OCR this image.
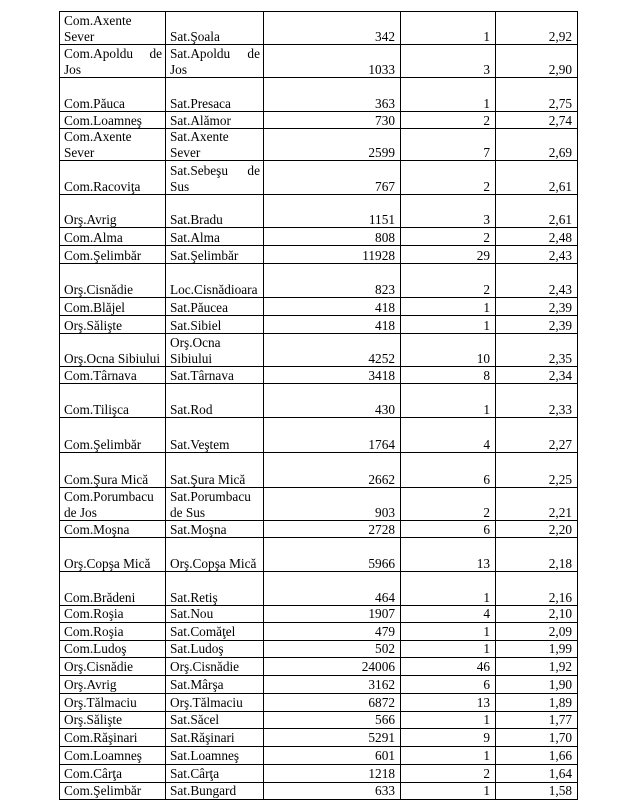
Com.Axente Sever	Sat.Şoala	342	1	2,92
Com.Apoldu de Jos	Sat.Apoldu de Jos	1033	3	2,90
Com.Păuca	Sat.Presaca	363	1	2,75
Com.Loamneş	Sat.Alămor	730	2	2,74
Com.Axente Sever	Sat.Axente Sever	2599	7	2,69
Com.Racoviţa	Sat.Sebeşu de Sus	767	2	2,61
Orş.Avrig	Sat.Bradu	1151	3	2,61
Com.Alma	Sat.Alma	808	2	2,48
Com.Şelimbăr	Sat.Şelimbăr	11928	29	2,43
Orş.Cisnădie	Loc.Cisnădioara	823	2	2,43
Com.Blăjel	Sat.Păucea	418	1	2,39
Orş.Sălişte	Sat.Sibiel	418	1	2,39
Orş.Ocna Sibiului	Orş.Ocna Sibiului	4252	10	2,35
Com.Târnava	Sat.Târnava	3418	8	2,34
Com.Tilişca	Sat.Rod	430	1	2,33
Com.Şelimbăr	Sat.Veştem	1764	4	2,27
Com.Şura Mică	Sat.Şura Mică	2662	6	2,25
Com.Porumbacu de Jos	Sat.Porumbacu de Sus	903	2	2,21
Com.Moşna	Sat.Moşna	2728	6	2,20
Orş.Copşa Mică	Orş.Copşa Mică	5966	13	2,18
Com.Brădeni	Sat.Retiş	464	1	2,16
Com.Roşia	Sat.Nou	1907	4	2,10
Com.Roşia	Sat.Comăţel	479	1	2,09
Com.Ludoş	Sat.Ludoş	502	1	1,99
Orş.Cisnădie	Orş.Cisnădie	24006	46	1,92
Orş.Avrig	Sat.Mârşa	3162	6	1,90
Orş.Tălmaciu	Orş.Tălmaciu	6872	13	1,89
Orş.Sălişte	Sat.Săcel	566	1	1,77
Com.Răşinari	Sat.Răşinari	5291	9	1,70
Com.Loamneş	Sat.Loamneş	601	1	1,66
Com.Cârţa	Sat.Cârţa	1218	2	1,64
Com.Şelimbăr	Sat.Bungard	633	1	1,58
